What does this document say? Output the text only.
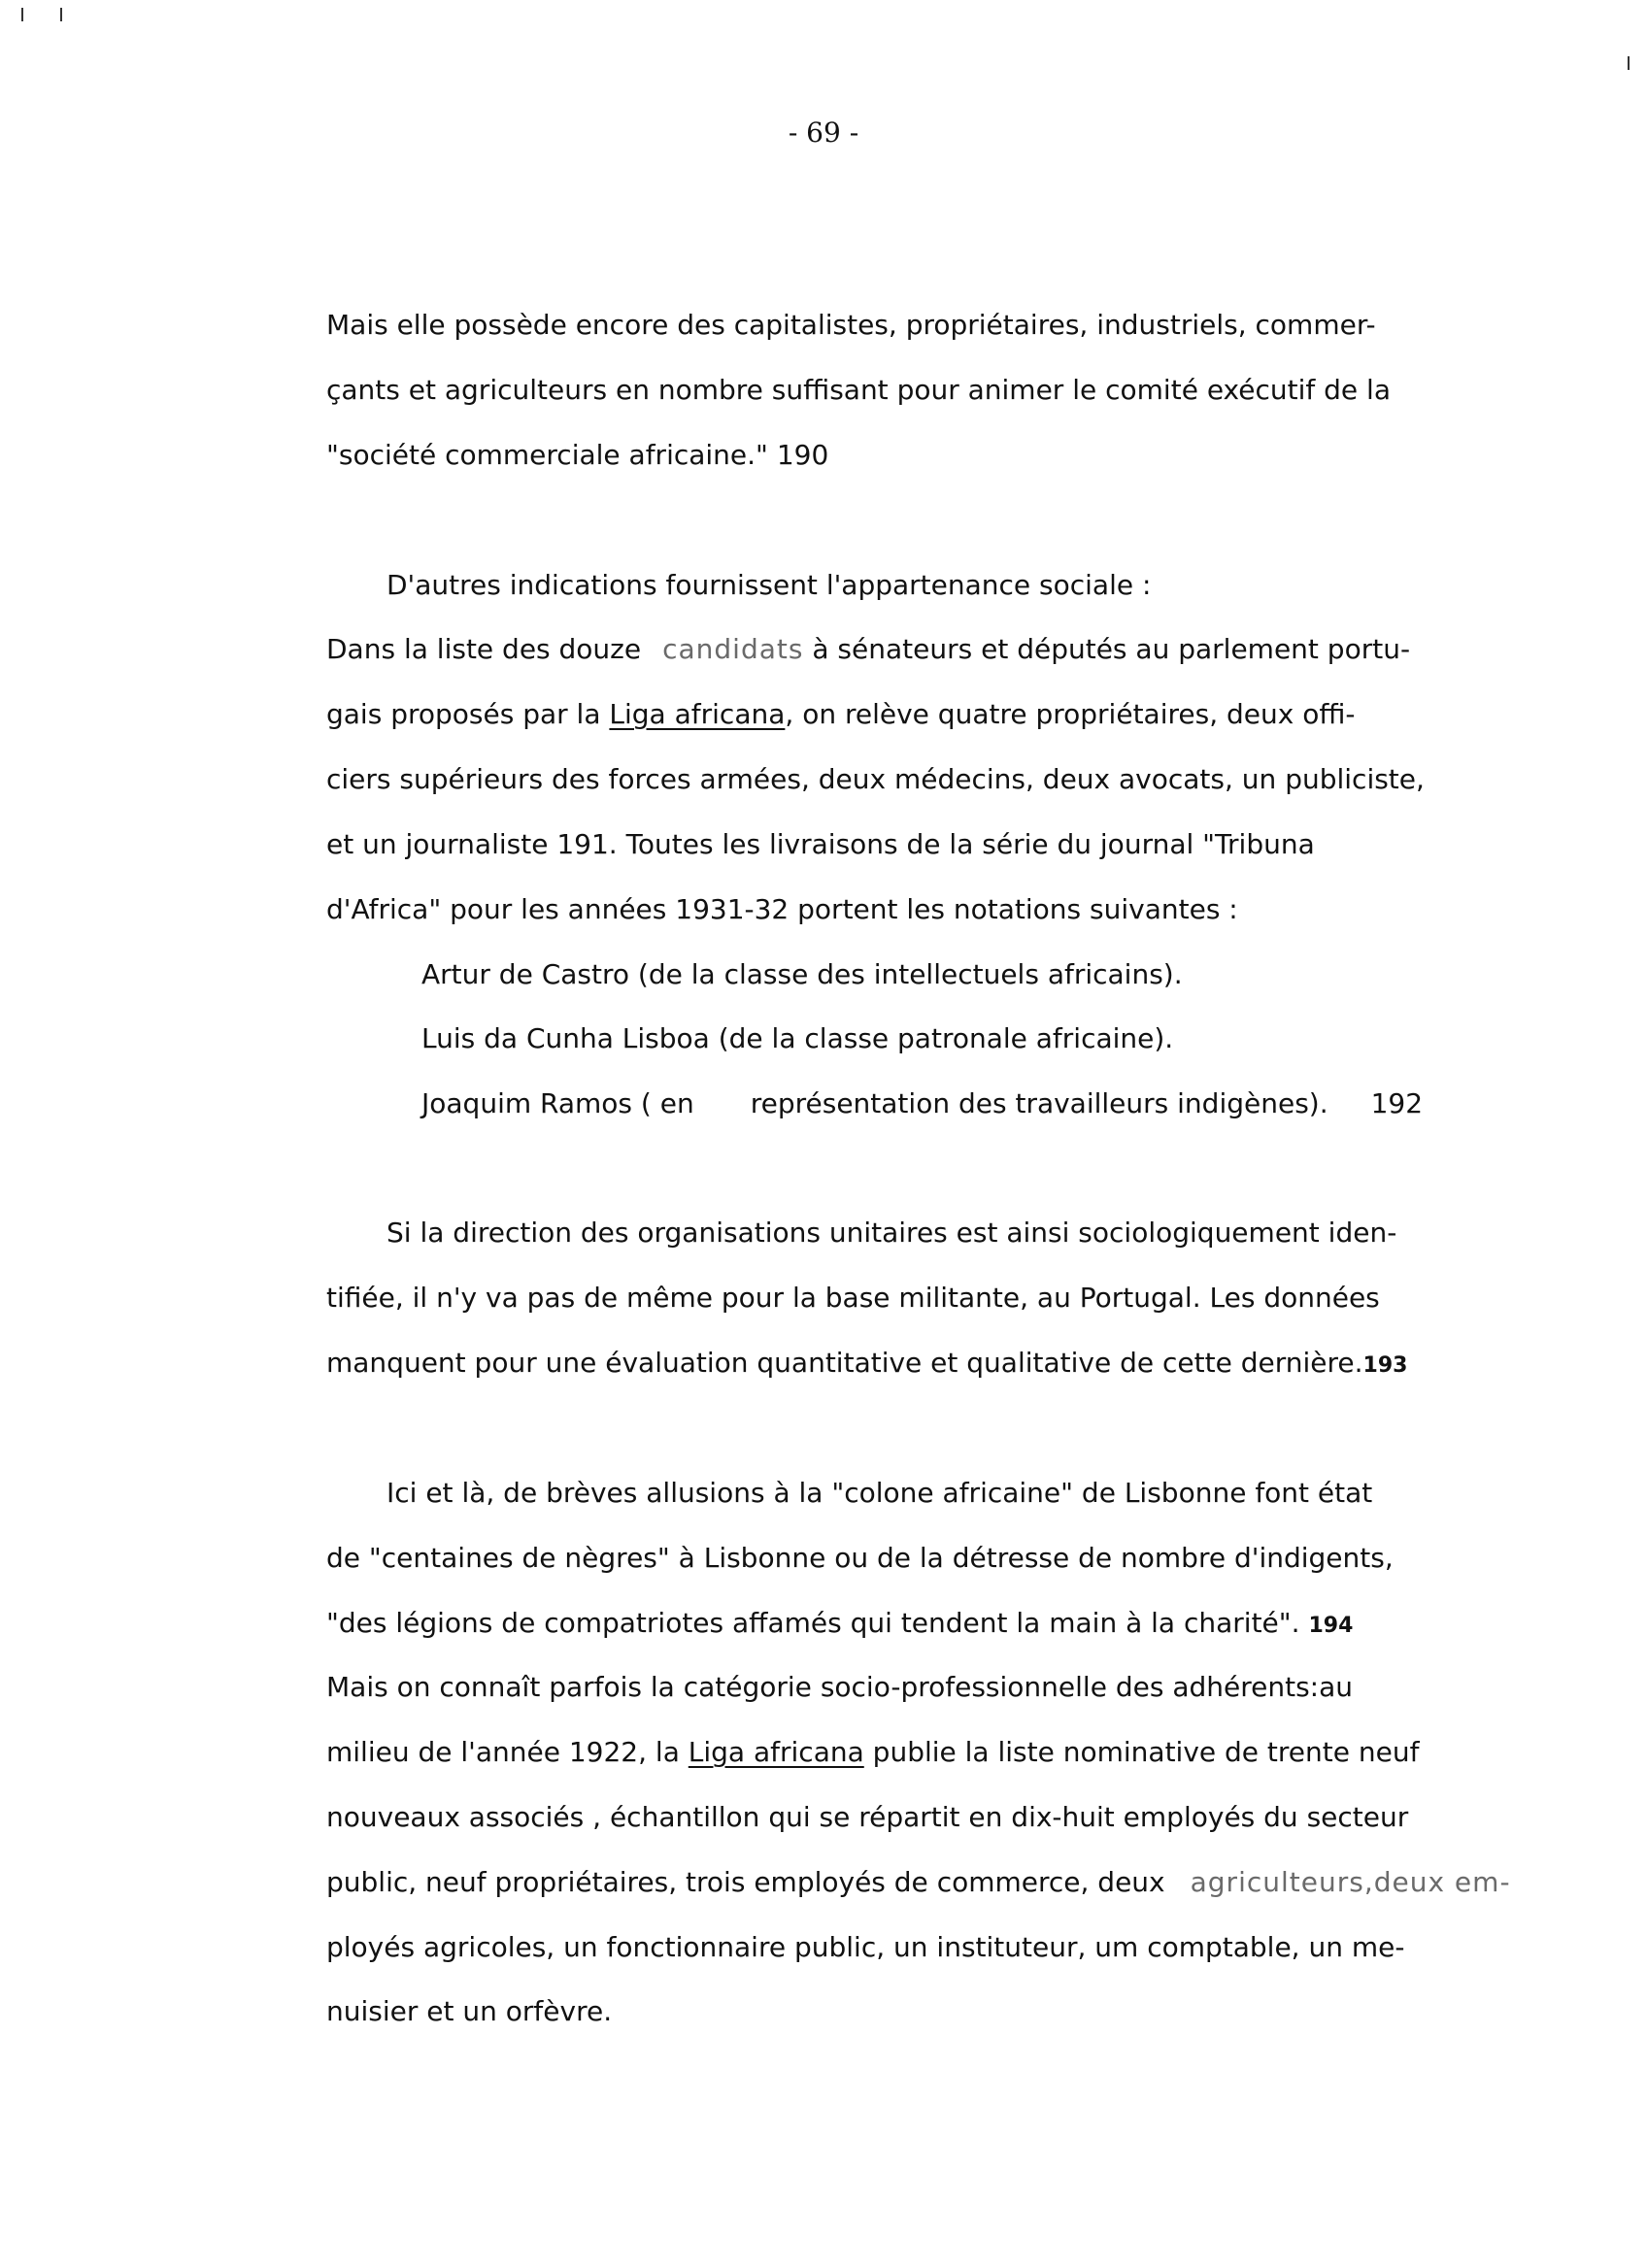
- 69 -
Mais elle possède encore des capitalistes, propriétaires, industriels, commer-
çants et agriculteurs en nombre suffisant pour animer le comité exécutif de la
"société commerciale africaine." 190
D'autres indications fournissent l'appartenance sociale :
Dans la liste des douze candidats à sénateurs et députés au parlement portu-
gais proposés par la Liga africana, on relève quatre propriétaires, deux offi-
ciers supérieurs des forces armées, deux médecins, deux avocats, un publiciste,
et un journaliste 191. Toutes les livraisons de la série du journal "Tribuna
d'Africa" pour les années 1931-32 portent les notations suivantes :
Artur de Castro (de la classe des intellectuels africains).
Luis da Cunha Lisboa (de la classe patronale africaine).
Joaquim Ramos ( en représentation des travailleurs indigènes). 192
Si la direction des organisations unitaires est ainsi sociologiquement iden-
tifiée, il n'y va pas de même pour la base militante, au Portugal. Les données
manquent pour une évaluation quantitative et qualitative de cette dernière.193
Ici et là, de brèves allusions à la "colone africaine" de Lisbonne font état
de "centaines de nègres" à Lisbonne ou de la détresse de nombre d'indigents,
"des légions de compatriotes affamés qui tendent la main à la charité". 194
Mais on connaît parfois la catégorie socio-professionnelle des adhérents:au
milieu de l'année 1922, la Liga africana publie la liste nominative de trente neuf
nouveaux associés , échantillon qui se répartit en dix-huit employés du secteur
public, neuf propriétaires, trois employés de commerce, deux agriculteurs,deux em-
ployés agricoles, un fonctionnaire public, un instituteur, um comptable, un me-
nuisier et un orfèvre.
